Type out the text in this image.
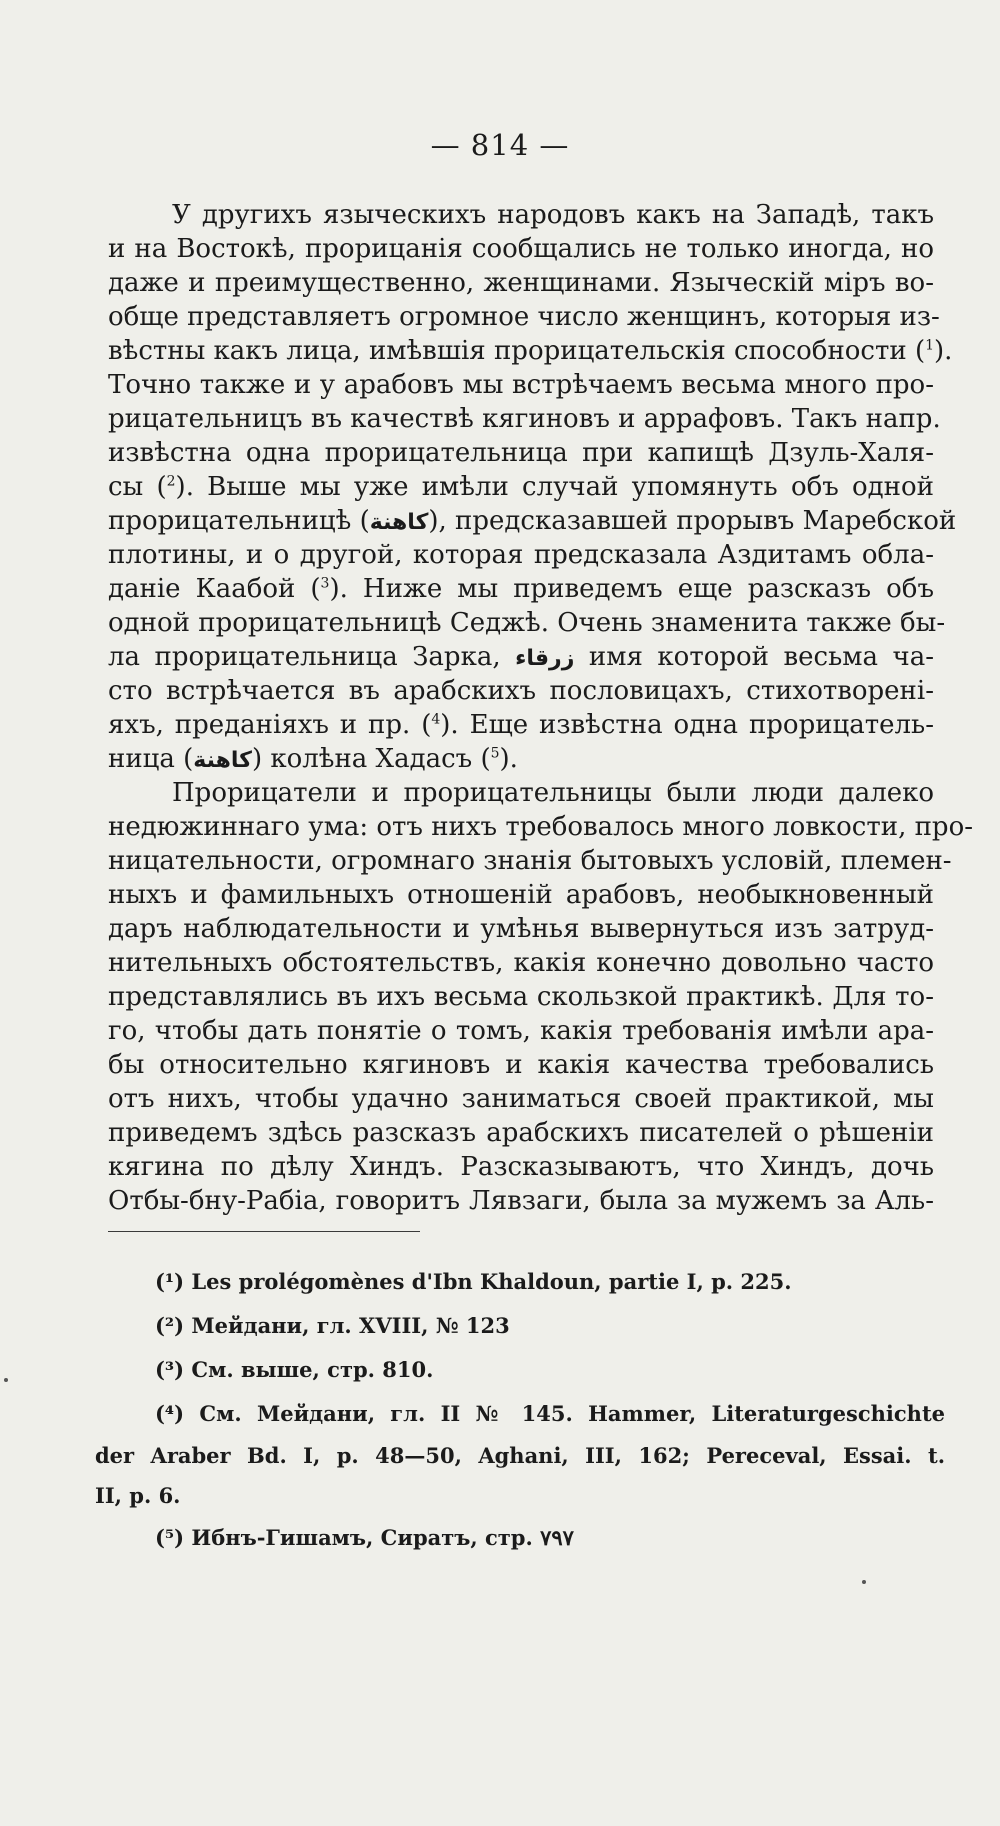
— 814 —
У другихъ языческихъ народовъ какъ на Западѣ, такъ
и на Востокѣ, прорицанія сообщались не только иногда, но
даже и преимущественно, женщинами. Языческій міръ во-
обще представляетъ огромное число женщинъ, которыя из-
вѣстны какъ лица, имѣвшія прорицательскія способности ($^1$).
Точно также и у арабовъ мы встрѣчаемъ весьма много про-
рицательницъ въ качествѣ кягиновъ и аррафовъ. Такъ напр.
извѣстна одна прорицательница при капищѣ Дзуль-Халя-
сы ($^2$). Выше мы уже имѣли случай упомянуть объ одной
прорицательницѣ (كاهنة), предсказавшей прорывъ Маребской
плотины, и о другой, которая предсказала Аздитамъ обла-
даніе Каабой ($^3$). Ниже мы приведемъ еще разсказъ объ
одной прорицательницѣ Седжѣ. Очень знаменита также бы-
ла прорицательница Зарка, زرقاء имя которой весьма ча-
сто встрѣчается въ арабскихъ пословицахъ, стихотворені-
яхъ, преданіяхъ и пр. ($^4$). Еще извѣстна одна прорицатель-
ница (كاهنة) колѣна Хадасъ ($^5$).
Прорицатели и прорицательницы были люди далеко
недюжиннаго ума: отъ нихъ требовалось много ловкости, про-
ницательности, огромнаго знанія бытовыхъ условій, племен-
ныхъ и фамильныхъ отношеній арабовъ, необыкновенный
даръ наблюдательности и умѣнья вывернуться изъ затруд-
нительныхъ обстоятельствъ, какія конечно довольно часто
представлялись въ ихъ весьма скользкой практикѣ. Для то-
го, чтобы дать понятіе о томъ, какія требованія имѣли ара-
бы относительно кягиновъ и какія качества требовались
отъ нихъ, чтобы удачно заниматься своей практикой, мы
приведемъ здѣсь разсказъ арабскихъ писателей о рѣшеніи
кягина по дѣлу Хиндъ. Разсказываютъ, что Хиндъ, дочь
Отбы-бну-Рабіа, говоритъ Лявзаги, была за мужемъ за Аль-
(¹) Les prolégomènes d'Ibn Khaldoun, partie I, p. 225.
(²) Мейдани, гл. XVIII, № 123
(³) См. выше, стр. 810.
(⁴) См. Мейдани, гл. II № 145. Hammer, Literaturgeschichte
der Araber Bd. I, p. 48—50, Aghani, III, 162; Pereceval, Essai. t.
II, p. 6.
(⁵) Ибнъ-Гишамъ, Сиратъ, стр. ٧٩٧
